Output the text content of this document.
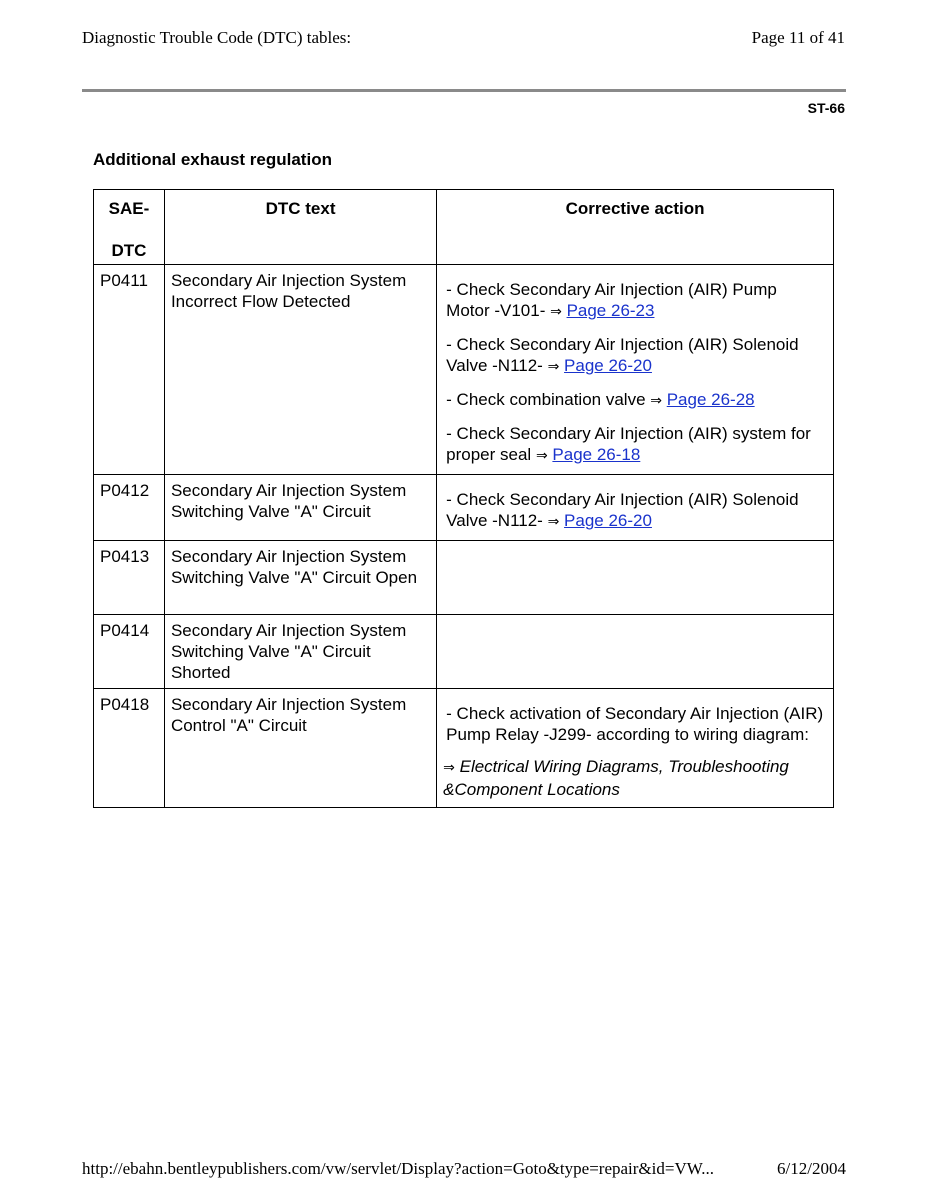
Diagnostic Trouble Code (DTC) tables:	Page 11 of 41
ST-66
Additional exhaust regulation
SAE-
DTC	DTC text	Corrective action

P0411	Secondary Air Injection System Incorrect Flow Detected	- Check Secondary Air Injection (AIR) Pump Motor -V101- ⇒ Page 26-23

- Check Secondary Air Injection (AIR) Solenoid Valve -N112- ⇒ Page 26-20

- Check combination valve ⇒ Page 26-28

- Check Secondary Air Injection (AIR) system for proper seal ⇒ Page 26-18

P0412	Secondary Air Injection System Switching Valve "A" Circuit	- Check Secondary Air Injection (AIR) Solenoid Valve -N112- ⇒ Page 26-20

P0413	Secondary Air Injection System Switching Valve "A" Circuit Open	

P0414	Secondary Air Injection System Switching Valve "A" Circuit Shorted	

P0418	Secondary Air Injection System Control "A" Circuit	- Check activation of Secondary Air Injection (AIR) Pump Relay -J299- according to wiring diagram:

⇒ Electrical Wiring Diagrams, Troubleshooting &Component Locations

http://ebahn.bentleypublishers.com/vw/servlet/Display?action=Goto&type=repair&id=VW...	6/12/2004
